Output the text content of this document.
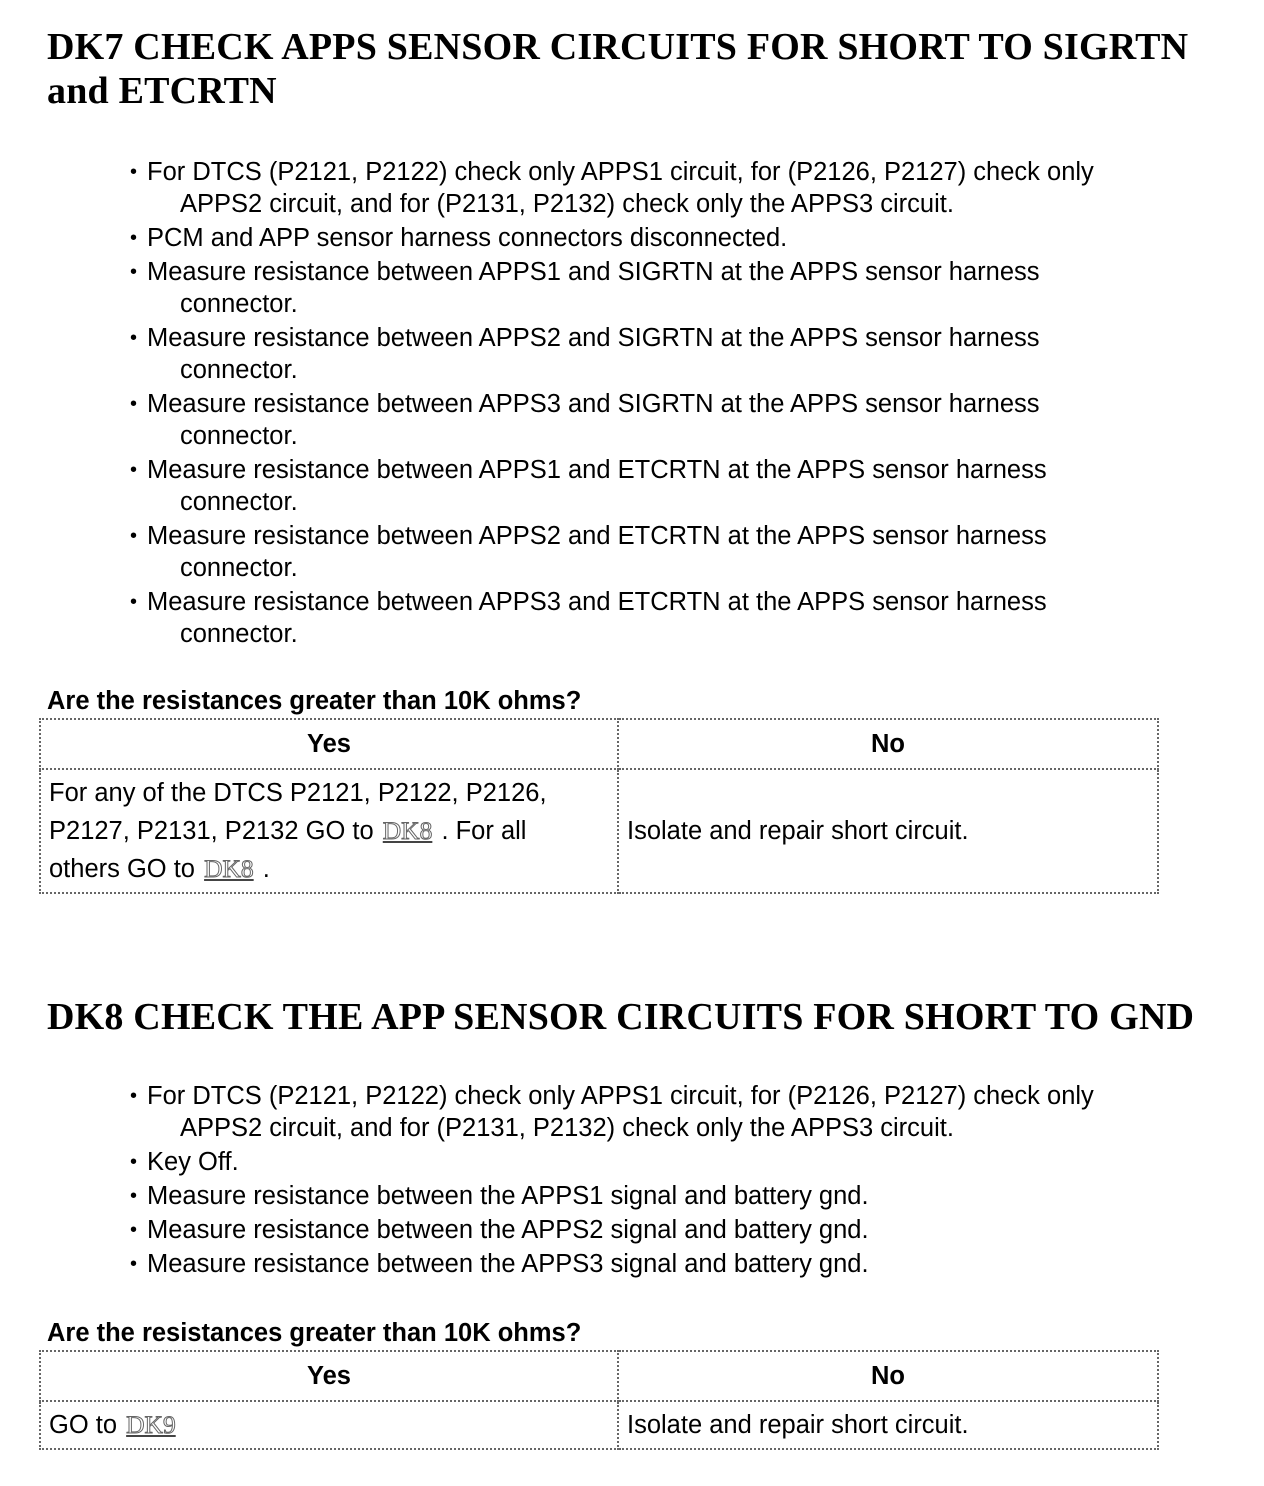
DK7 CHECK APPS SENSOR CIRCUITS FOR SHORT TO SIGRTN
and ETCRTN
• For DTCS (P2121, P2122) check only APPS1 circuit, for (P2126, P2127) check only
APPS2 circuit, and for (P2131, P2132) check only the APPS3 circuit.
• PCM and APP sensor harness connectors disconnected.
• Measure resistance between APPS1 and SIGRTN at the APPS sensor harness
connector.
• Measure resistance between APPS2 and SIGRTN at the APPS sensor harness
connector.
• Measure resistance between APPS3 and SIGRTN at the APPS sensor harness
connector.
• Measure resistance between APPS1 and ETCRTN at the APPS sensor harness
connector.
• Measure resistance between APPS2 and ETCRTN at the APPS sensor harness
connector.
• Measure resistance between APPS3 and ETCRTN at the APPS sensor harness
connector.

Are the resistances greater than 10K ohms?

Yes	No
For any of the DTCS P2121, P2122, P2126,
P2127, P2131, P2132 GO to DK8 . For all
others GO to DK8 .	Isolate and repair short circuit.
DK8 CHECK THE APP SENSOR CIRCUITS FOR SHORT TO GND
• For DTCS (P2121, P2122) check only APPS1 circuit, for (P2126, P2127) check only
APPS2 circuit, and for (P2131, P2132) check only the APPS3 circuit.
• Key Off.
• Measure resistance between the APPS1 signal and battery gnd.
• Measure resistance between the APPS2 signal and battery gnd.
• Measure resistance between the APPS3 signal and battery gnd.

Are the resistances greater than 10K ohms?

Yes	No
GO to DK9	Isolate and repair short circuit.
